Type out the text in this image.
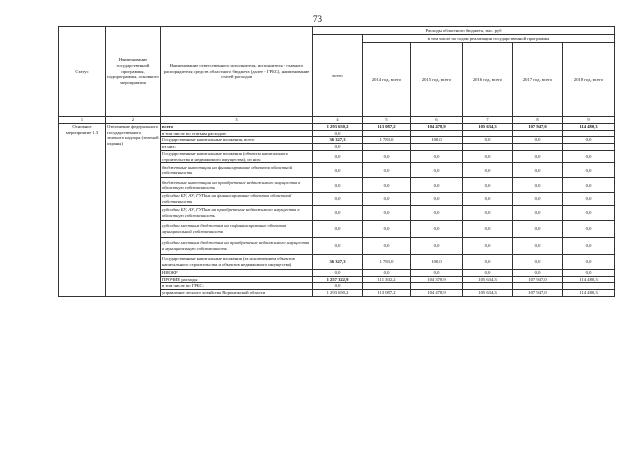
73
Статус	Наименование государственной программы, подпрограммы, основного мероприятия	Наименование ответственного исполнителя, исполнителя - главного распорядителя средств областного бюджета (далее - ГРБС), наименование статей расходов	Расходы областного бюджета, тыс. руб					
			всего	в том числе по годам реализации государственной программы				
				2014 год, всего	2015 год, всего	2016 год, всего	2017 год, всего	2018 год, всего
1	2	3	4	5	6	7	8	9
Основное мероприятие 1.3	Озеленение федерального государственного зеленого надзора (зеленой охраны)	всего	1 293 650,2	113 087,2	104 478,9	105 634,3	107 947,0	114 480,3
		в том числе по статьям расходов:	0,0					
		Государственные капитальные вложения, всего	36 327,3	1 783,0	100,0	0,0	0,0	0,0
		из них:	0,0					
		Государственные капитальные вложения (объекты капитального строительства и недвижимого имущества), из них:	0,0	0,0	0,0	0,0	0,0	0,0
		бюджетные инвестиции на финансирование объектов областной собственности	0,0	0,0	0,0	0,0	0,0	0,0
		бюджетные инвестиции на приобретение недвижимого имущества в областную собственность	0,0	0,0	0,0	0,0	0,0	0,0
		субсидии БУ, АУ, ГУПам на финансирование объектов областной собственности	0,0	0,0	0,0	0,0	0,0	0,0
		субсидии БУ, АУ, ГУПам на приобретение недвижимого имущества в областную собственность	0,0	0,0	0,0	0,0	0,0	0,0
		субсидии местным бюджетам на софинансирование объектов муниципальной собственности	0,0	0,0	0,0	0,0	0,0	0,0
		субсидии местным бюджетам на приобретение недвижимого имущества в муниципальную собственность	0,0	0,0	0,0	0,0	0,0	0,0
		Государственные капитальные вложения (за исключением объектов капитального строительства и объектов недвижимого имущества)	36 327,3	1 783,0	100,0	0,0	0,0	0,0
		НИОКР	0,0	0,0	0,0	0,0	0,0	0,0
		ПРОЧИЕ расходы	1 257 322,9	111 302,2	104 378,9	105 634,3	107 947,0	114 480,3
		в том числе по ГРБС:	0,0					
		управление лесного хозяйства Воронежской области	1 293 650,2	113 087,2	104 478,9	105 634,3	107 947,0	114 480,3
